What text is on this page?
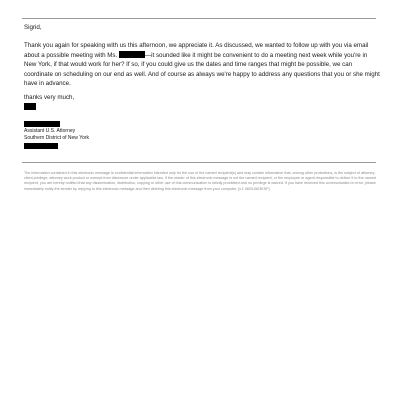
Sigrid,
Thank you again for speaking with us this afternoon, we appreciate it. As discussed, we wanted to follow up with you via email about a possible meeting with Ms.	—it sounded like it might be convenient to do a meeting next week while you're in New York, if that would work for her? If so, if you could give us the dates and time ranges that might be possible, we can coordinate on scheduling on our end as well. And of course as always we're happy to address any questions that you or she might have in advance.
thanks very much,
Assistant U.S. Attorney
Southern District of New York
The information contained in this electronic message is confidential information intended only for the use of the named recipient(s) and may contain information that, among other protections, is the subject of attorney-client privilege, attorney work product or exempt from disclosure under applicable law. If the reader of this electronic message is not the named recipient, or the employee or agent responsible to deliver it to the named recipient, you are hereby notified that any dissemination, distribution, copying or other use of this communication is strictly prohibited and no privilege is waived. If you have received this communication in error, please immediately notify the sender by replying to this electronic message and then deleting this electronic message from your computer. [v.1 08201503ESF]
